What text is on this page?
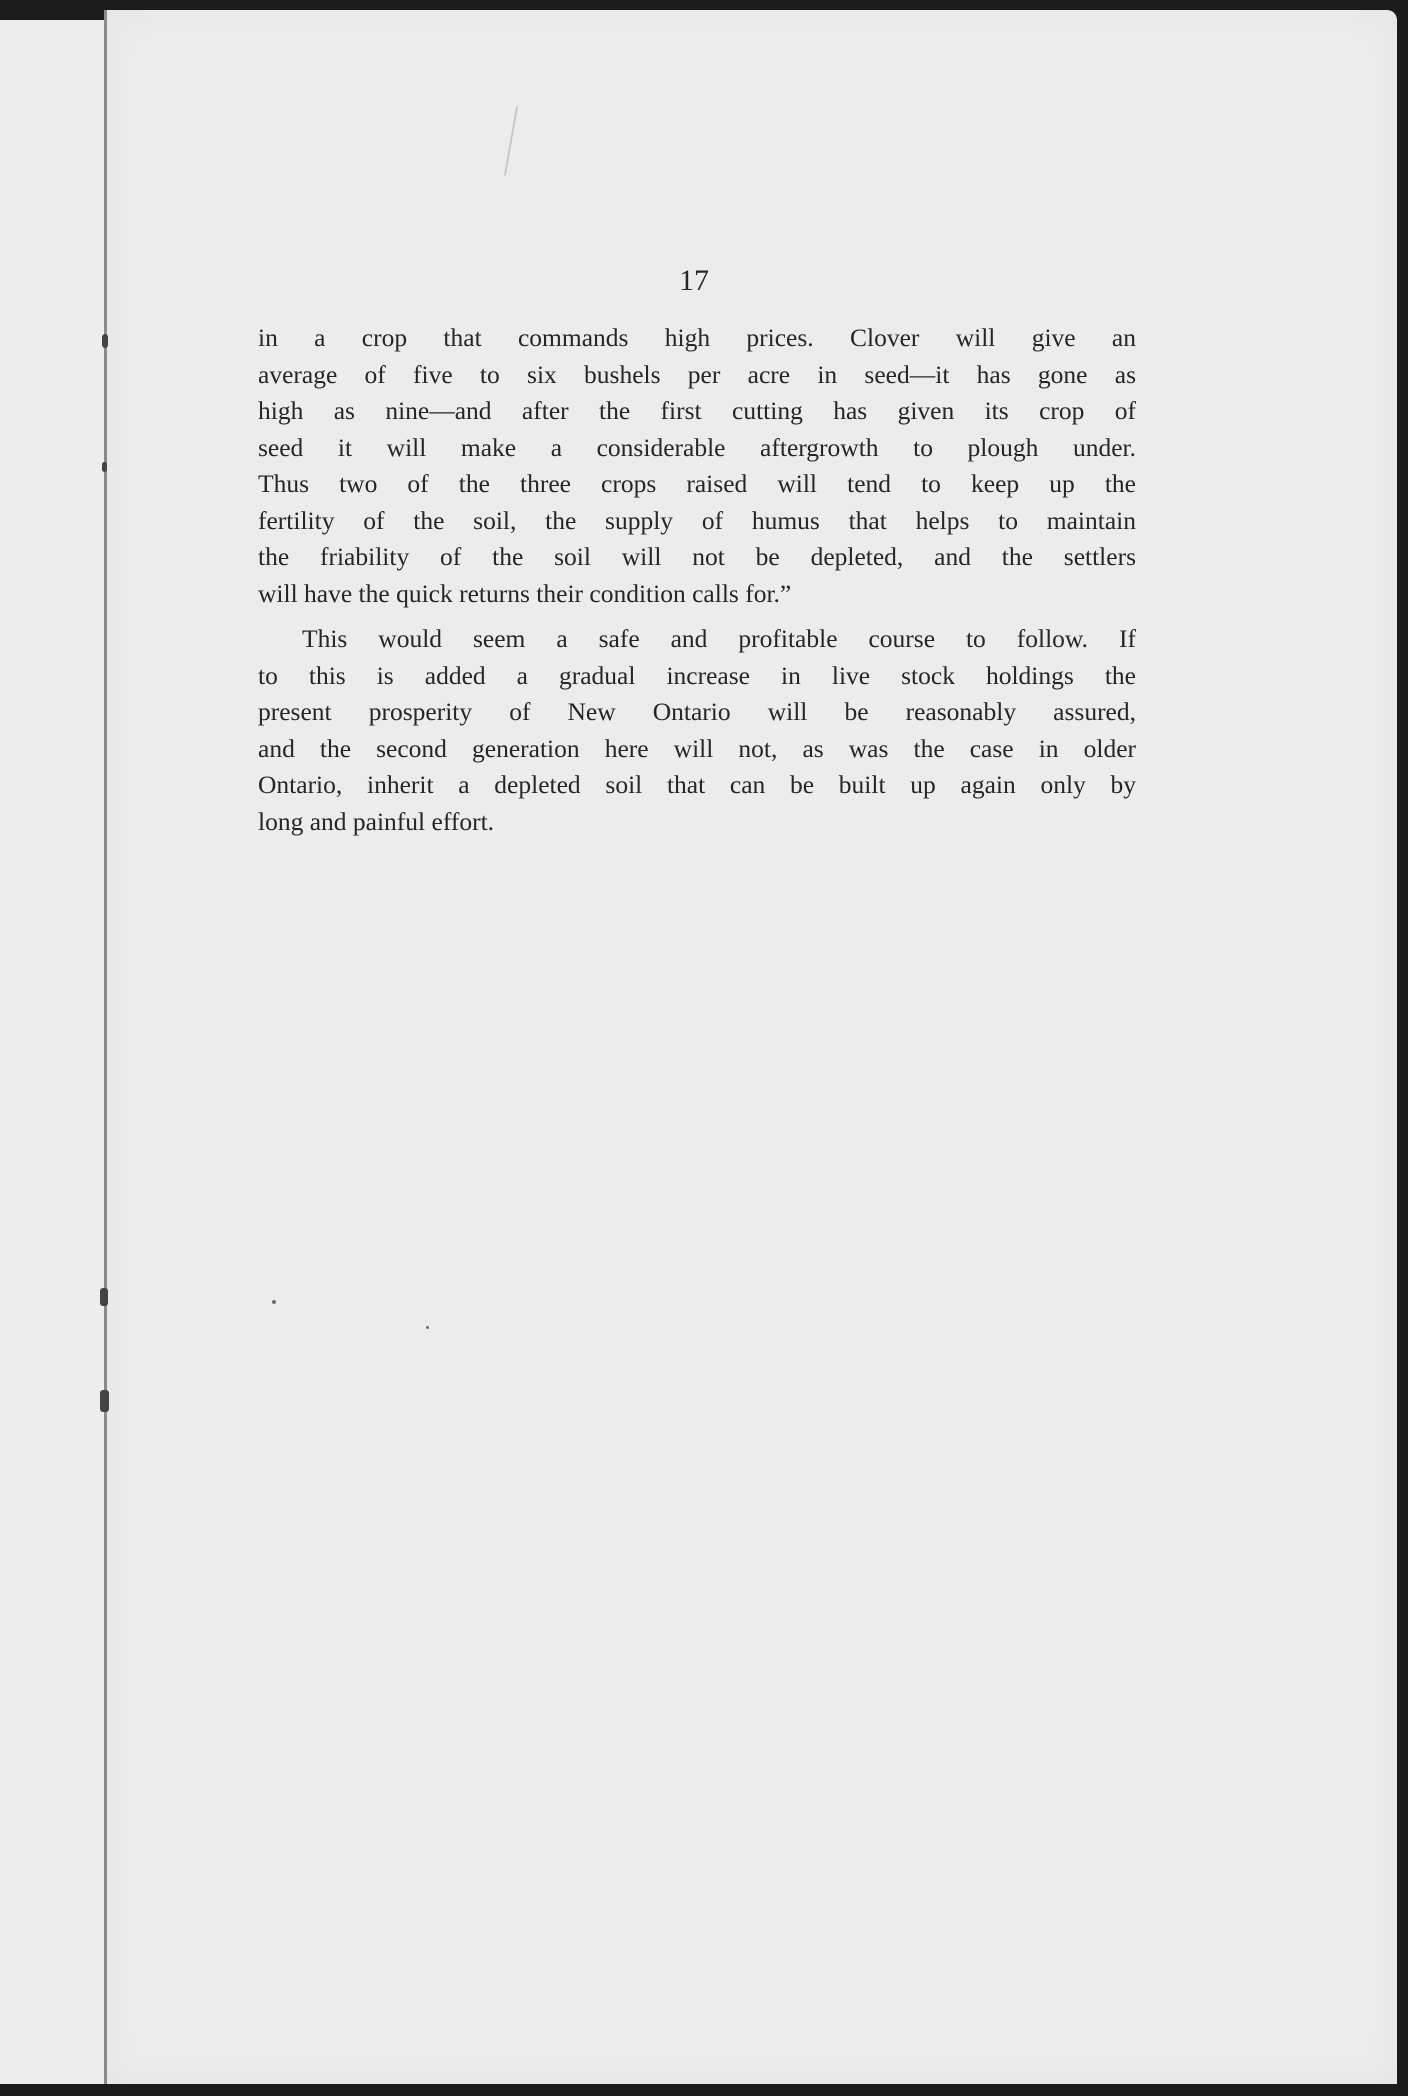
17

in a crop that commands high prices. Clover will give an
average of five to six bushels per acre in seed—it has gone as
high as nine—and after the first cutting has given its crop of
seed it will make a considerable aftergrowth to plough under.
Thus two of the three crops raised will tend to keep up the
fertility of the soil, the supply of humus that helps to maintain
the friability of the soil will not be depleted, and the settlers
will have the quick returns their condition calls for.”
This would seem a safe and profitable course to follow. If
to this is added a gradual increase in live stock holdings the
present prosperity of New Ontario will be reasonably assured,
and the second generation here will not, as was the case in older
Ontario, inherit a depleted soil that can be built up again only by
long and painful effort.
